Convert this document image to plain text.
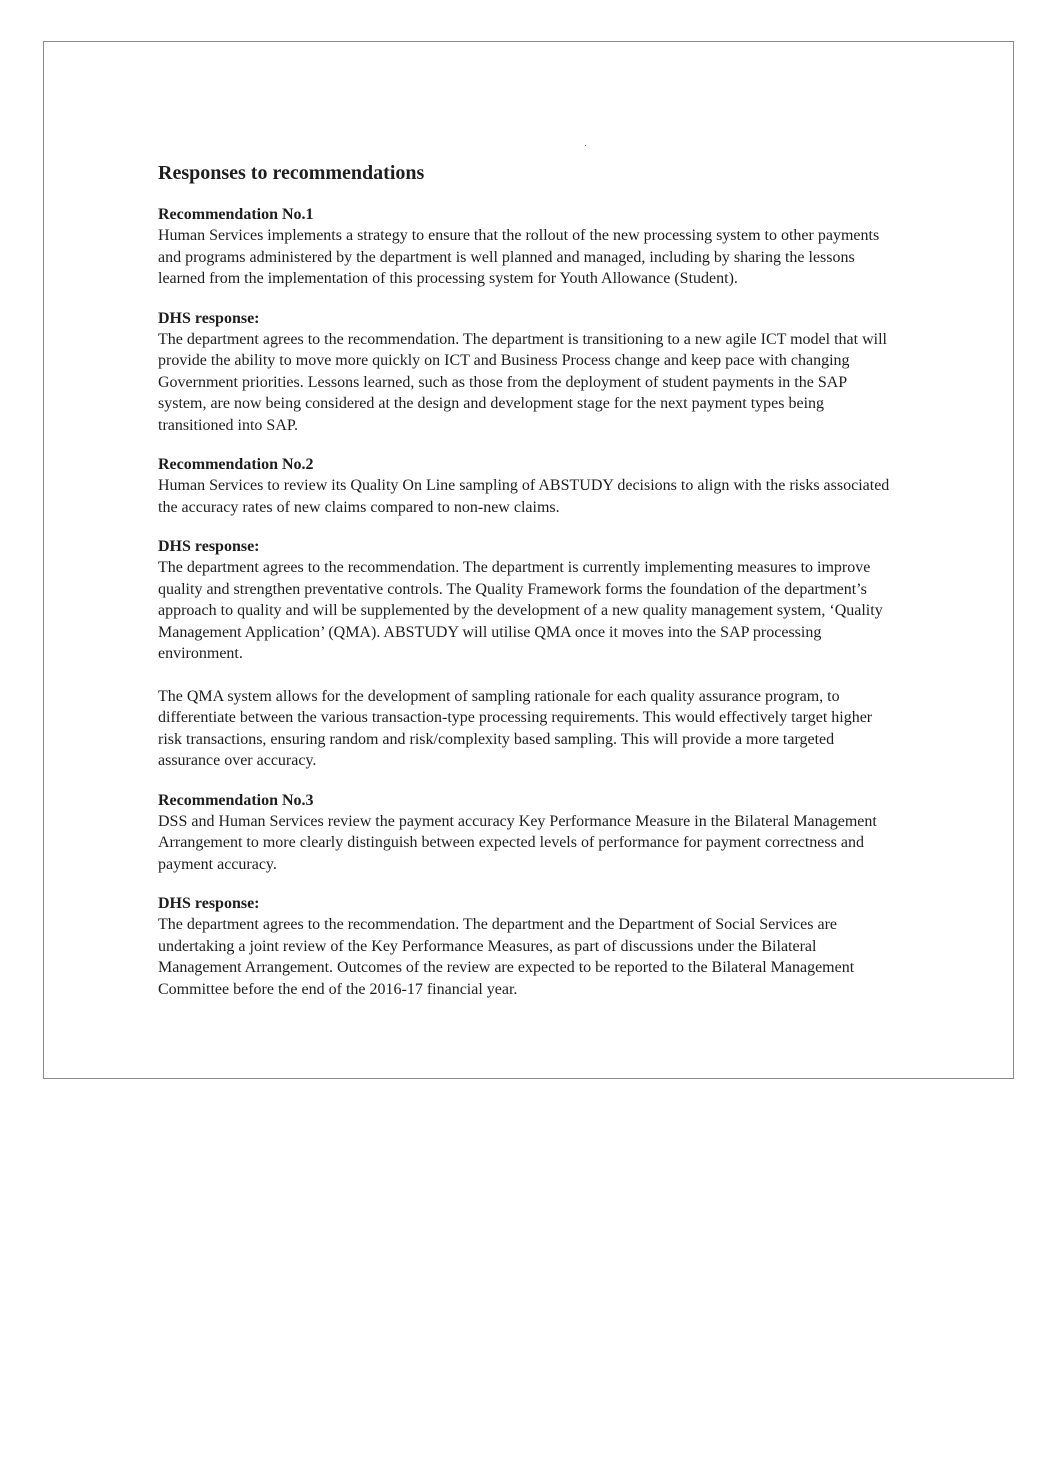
Responses to recommendations
Recommendation No.1

Human Services implements a strategy to ensure that the rollout of the new processing system to other payments and programs administered by the department is well planned and managed, including by sharing the lessons learned from the implementation of this processing system for Youth Allowance (Student).

DHS response:

The department agrees to the recommendation. The department is transitioning to a new agile ICT model that will provide the ability to move more quickly on ICT and Business Process change and keep pace with changing Government priorities. Lessons learned, such as those from the deployment of student payments in the SAP system, are now being considered at the design and development stage for the next payment types being transitioned into SAP.

Recommendation No.2

Human Services to review its Quality On Line sampling of ABSTUDY decisions to align with the risks associated the accuracy rates of new claims compared to non-new claims.

DHS response:

The department agrees to the recommendation. The department is currently implementing measures to improve quality and strengthen preventative controls. The Quality Framework forms the foundation of the department’s approach to quality and will be supplemented by the development of a new quality management system, ‘Quality Management Application’ (QMA). ABSTUDY will utilise QMA once it moves into the SAP processing environment.

The QMA system allows for the development of sampling rationale for each quality assurance program, to differentiate between the various transaction-type processing requirements. This would effectively target higher risk transactions, ensuring random and risk/complexity based sampling. This will provide a more targeted assurance over accuracy.

Recommendation No.3

DSS and Human Services review the payment accuracy Key Performance Measure in the Bilateral Management Arrangement to more clearly distinguish between expected levels of performance for payment correctness and payment accuracy.

DHS response:

The department agrees to the recommendation. The department and the Department of Social Services are undertaking a joint review of the Key Performance Measures, as part of discussions under the Bilateral Management Arrangement. Outcomes of the review are expected to be reported to the Bilateral Management Committee before the end of the 2016-17 financial year.
